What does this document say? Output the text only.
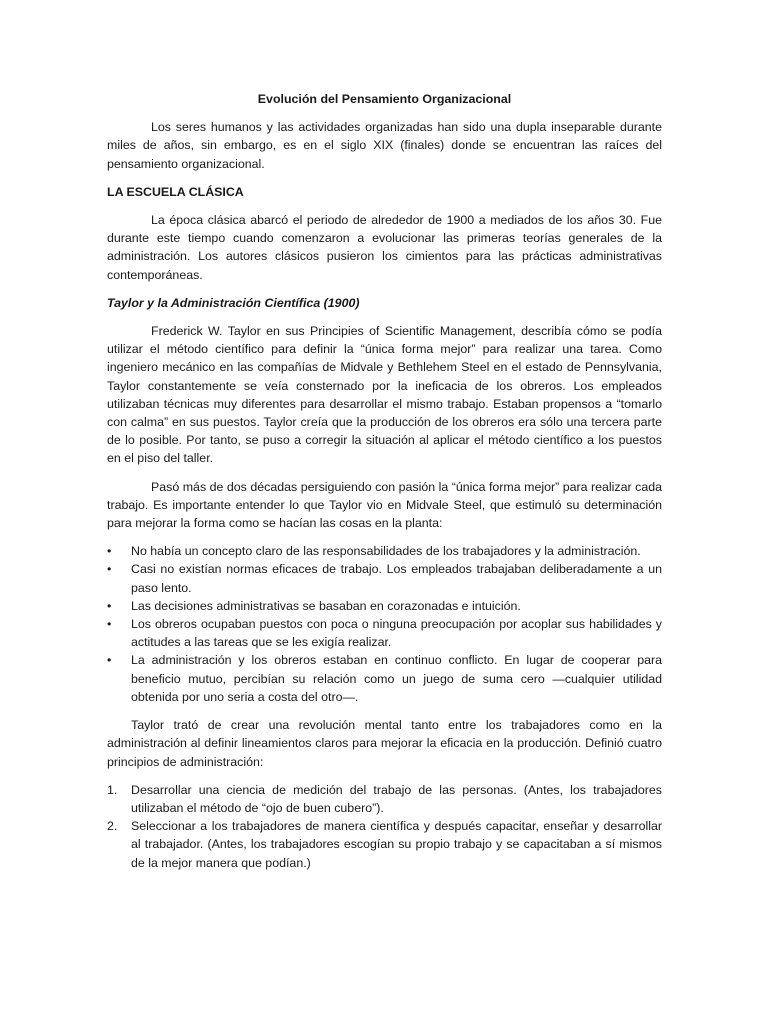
Evolución del Pensamiento Organizacional

Los seres humanos y las actividades organizadas han sido una dupla inseparable durante miles de años, sin embargo, es en el siglo XIX (finales) donde se encuentran las raíces del pensamiento organizacional.

LA ESCUELA CLÁSICA

La época clásica abarcó el periodo de alrededor de 1900 a mediados de los años 30. Fue durante este tiempo cuando comenzaron a evolucionar las primeras teorías generales de la administración. Los autores clásicos pusieron los cimientos para las prácticas administrativas contemporáneas.

Taylor y la Administración Científica (1900)

Frederick W. Taylor en sus Principies of Scientific Management, describía cómo se podía utilizar el método científico para definir la “única forma mejor” para realizar una tarea. Como ingeniero mecánico en las compañías de Midvale y Bethlehem Steel en el estado de Pennsylvania, Taylor constantemente se veía consternado por la ineficacia de los obreros. Los empleados utilizaban técnicas muy diferentes para desarrollar el mismo trabajo. Estaban propensos a “tomarlo con calma” en sus puestos. Taylor creía que la producción de los obreros era sólo una tercera parte de lo posible. Por tanto, se puso a corregir la situación al aplicar el método científico a los puestos en el piso del taller.

Pasó más de dos décadas persiguiendo con pasión la “única forma mejor” para realizar cada trabajo. Es importante entender lo que Taylor vio en Midvale Steel, que estimuló su determinación para mejorar la forma como se hacían las cosas en la planta:

•	No había un concepto claro de las responsabilidades de los trabajadores y la administración.
•	Casi no existían normas eficaces de trabajo. Los empleados trabajaban deliberadamente a un paso lento.
•	Las decisiones administrativas se basaban en corazonadas e intuición.
•	Los obreros ocupaban puestos con poca o ninguna preocupación por acoplar sus habilidades y actitudes a las tareas que se les exigía realizar.
•	La administración y los obreros estaban en continuo conflicto. En lugar de cooperar para beneficio mutuo, percibían su relación como un juego de suma cero —cualquier utilidad obtenida por uno seria a costa del otro—.

Taylor trató de crear una revolución mental tanto entre los trabajadores como en la administración al definir lineamientos claros para mejorar la eficacia en la producción. Definió cuatro principios de administración:

1. Desarrollar una ciencia de medición del trabajo de las personas. (Antes, los trabajadores utilizaban el método de “ojo de buen cubero”).
2. Seleccionar a los trabajadores de manera científica y después capacitar, enseñar y desarrollar al trabajador. (Antes, los trabajadores escogían su propio trabajo y se capacitaban a sí mismos de la mejor manera que podían.)
